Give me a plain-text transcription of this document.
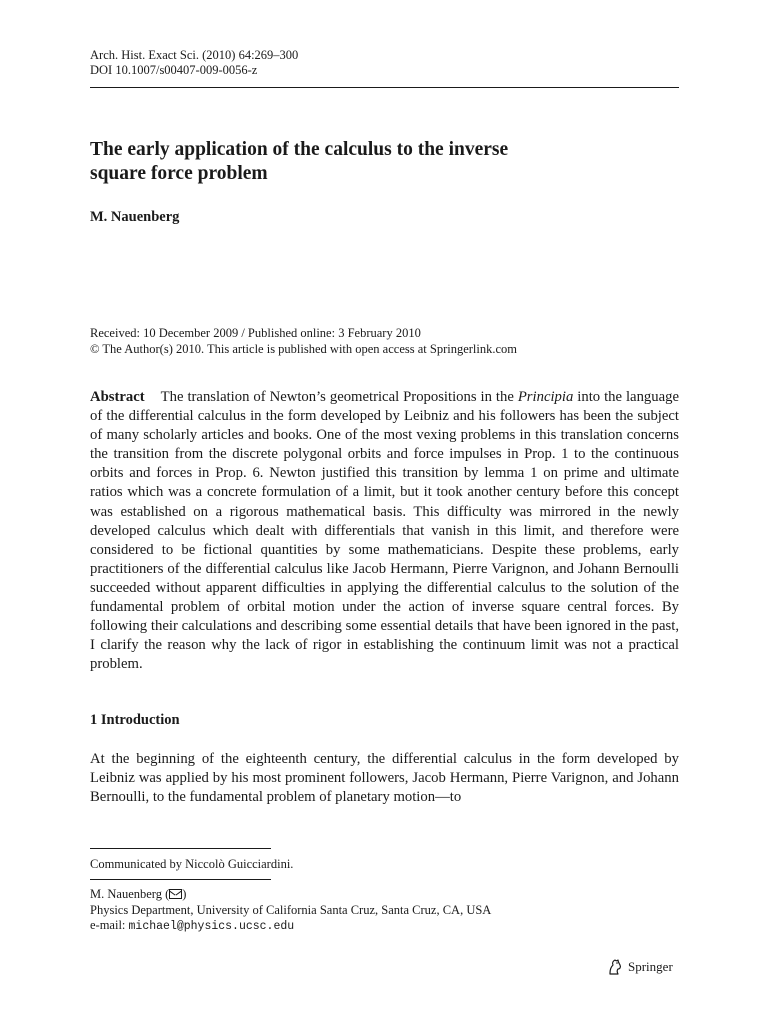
Arch. Hist. Exact Sci. (2010) 64:269–300
DOI 10.1007/s00407-009-0056-z
The early application of the calculus to the inverse
square force problem
M. Nauenberg
Received: 10 December 2009 / Published online: 3 February 2010
© The Author(s) 2010. This article is published with open access at Springerlink.com

Abstract The translation of Newton’s geometrical Propositions in the Principia into the language of the differential calculus in the form developed by Leibniz and his followers has been the subject of many scholarly articles and books. One of the most vexing problems in this translation concerns the transition from the discrete polygonal orbits and force impulses in Prop. 1 to the continuous orbits and forces in Prop. 6. Newton justified this transition by lemma 1 on prime and ultimate ratios which was a concrete formulation of a limit, but it took another century before this concept was established on a rigorous mathematical basis. This difficulty was mirrored in the newly developed calculus which dealt with differentials that vanish in this limit, and therefore were considered to be fictional quantities by some mathematicians. Despite these problems, early practitioners of the differential calculus like Jacob Hermann, Pierre Varignon, and Johann Bernoulli succeeded without apparent difficulties in applying the differential calculus to the solution of the fundamental problem of orbital motion under the action of inverse square central forces. By following their calculations and describing some essential details that have been ignored in the past, I clarify the reason why the lack of rigor in establishing the continuum limit was not a practical problem.

1 Introduction

At the beginning of the eighteenth century, the differential calculus in the form developed by Leibniz was applied by his most prominent followers, Jacob Hermann, Pierre Varignon, and Johann Bernoulli, to the fundamental problem of planetary motion—to

Communicated by Niccolò Guicciardini.
M. Nauenberg ( )
Physics Department, University of California Santa Cruz, Santa Cruz, CA, USA
e-mail: michael@physics.ucsc.edu
Springer
